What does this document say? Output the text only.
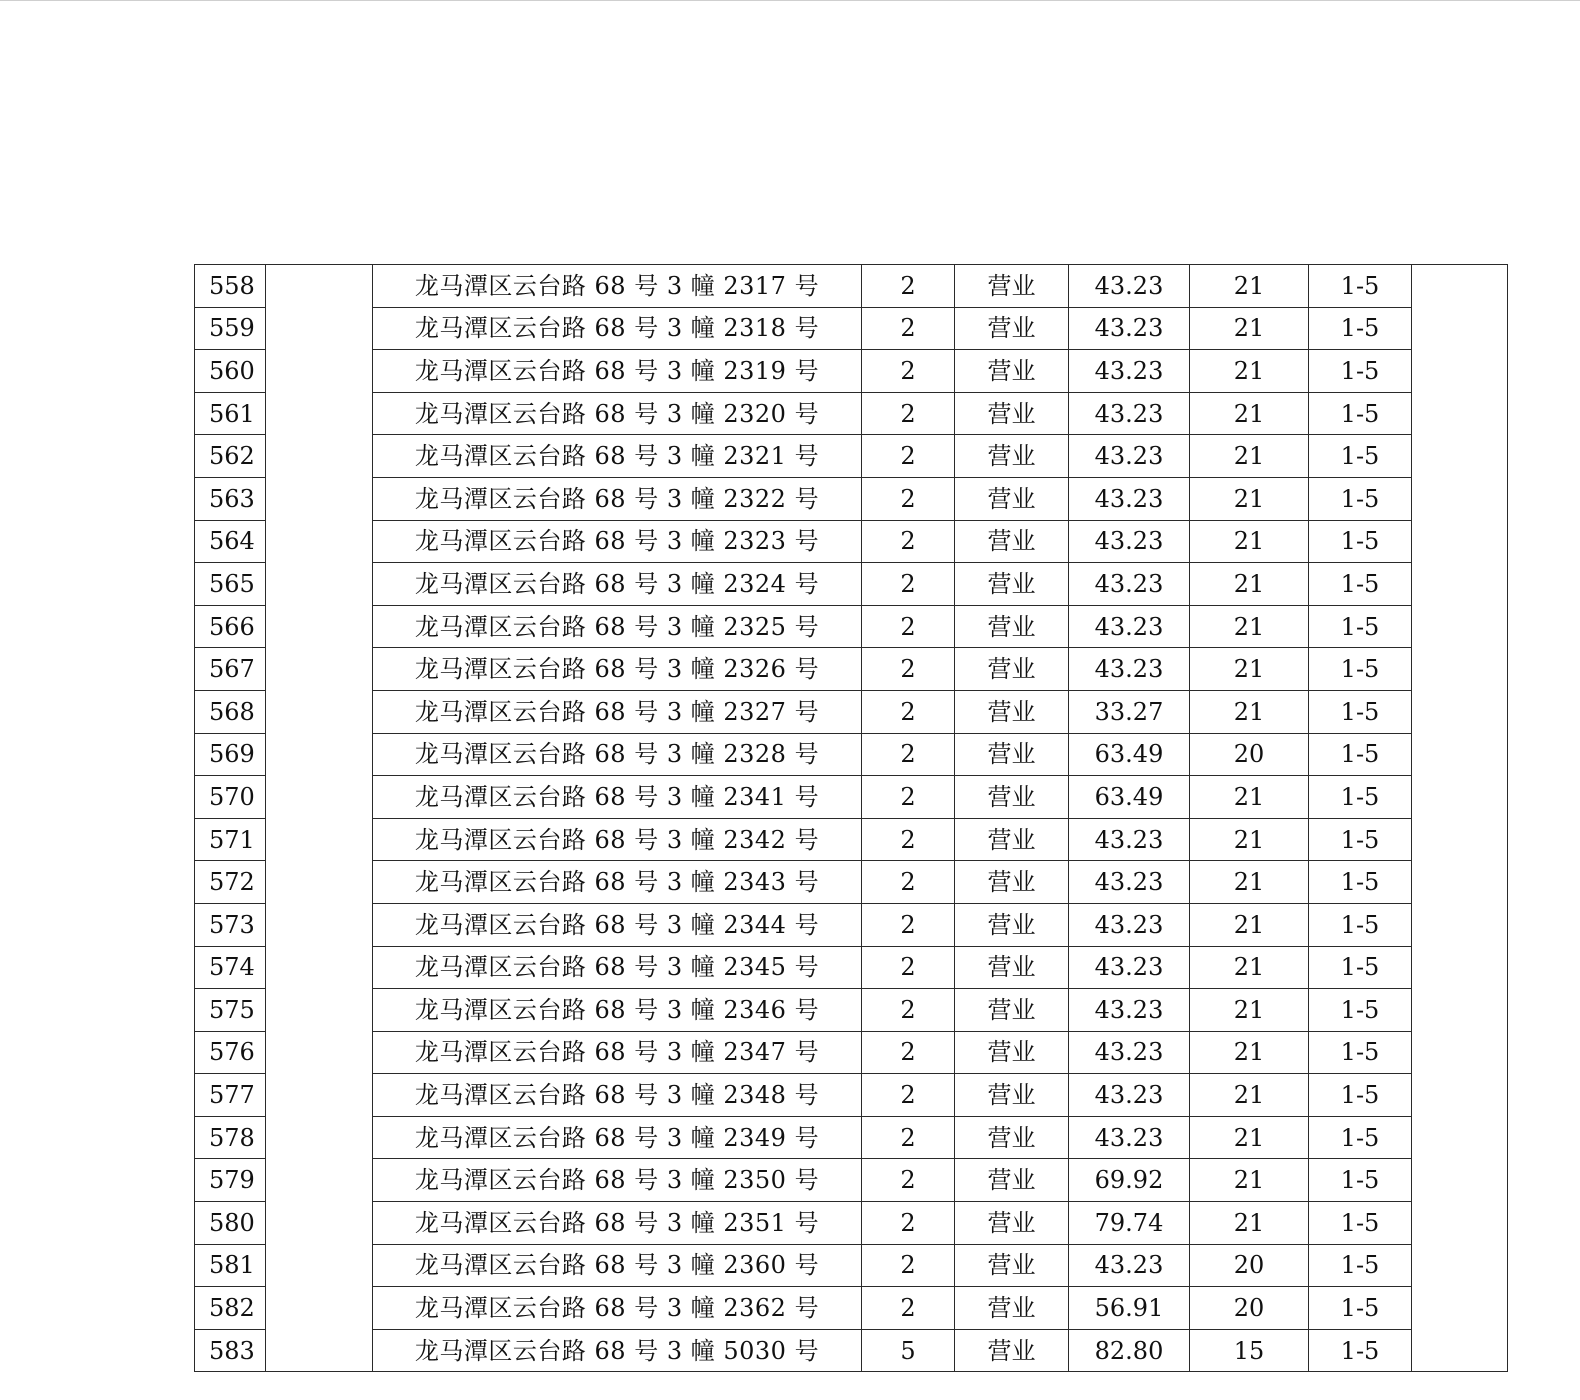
558		龙马潭区云台路 68 号 3 幢 2317 号	2	营业	43.23	21	1-5	
559		龙马潭区云台路 68 号 3 幢 2318 号	2	营业	43.23	21	1-5	
560		龙马潭区云台路 68 号 3 幢 2319 号	2	营业	43.23	21	1-5	
561		龙马潭区云台路 68 号 3 幢 2320 号	2	营业	43.23	21	1-5	
562		龙马潭区云台路 68 号 3 幢 2321 号	2	营业	43.23	21	1-5	
563		龙马潭区云台路 68 号 3 幢 2322 号	2	营业	43.23	21	1-5	
564		龙马潭区云台路 68 号 3 幢 2323 号	2	营业	43.23	21	1-5	
565		龙马潭区云台路 68 号 3 幢 2324 号	2	营业	43.23	21	1-5	
566		龙马潭区云台路 68 号 3 幢 2325 号	2	营业	43.23	21	1-5	
567		龙马潭区云台路 68 号 3 幢 2326 号	2	营业	43.23	21	1-5	
568		龙马潭区云台路 68 号 3 幢 2327 号	2	营业	33.27	21	1-5	
569		龙马潭区云台路 68 号 3 幢 2328 号	2	营业	63.49	20	1-5	
570		龙马潭区云台路 68 号 3 幢 2341 号	2	营业	63.49	21	1-5	
571		龙马潭区云台路 68 号 3 幢 2342 号	2	营业	43.23	21	1-5	
572		龙马潭区云台路 68 号 3 幢 2343 号	2	营业	43.23	21	1-5	
573		龙马潭区云台路 68 号 3 幢 2344 号	2	营业	43.23	21	1-5	
574		龙马潭区云台路 68 号 3 幢 2345 号	2	营业	43.23	21	1-5	
575		龙马潭区云台路 68 号 3 幢 2346 号	2	营业	43.23	21	1-5	
576		龙马潭区云台路 68 号 3 幢 2347 号	2	营业	43.23	21	1-5	
577		龙马潭区云台路 68 号 3 幢 2348 号	2	营业	43.23	21	1-5	
578		龙马潭区云台路 68 号 3 幢 2349 号	2	营业	43.23	21	1-5	
579		龙马潭区云台路 68 号 3 幢 2350 号	2	营业	69.92	21	1-5	
580		龙马潭区云台路 68 号 3 幢 2351 号	2	营业	79.74	21	1-5	
581		龙马潭区云台路 68 号 3 幢 2360 号	2	营业	43.23	20	1-5	
582		龙马潭区云台路 68 号 3 幢 2362 号	2	营业	56.91	20	1-5	
583		龙马潭区云台路 68 号 3 幢 5030 号	5	营业	82.80	15	1-5	
